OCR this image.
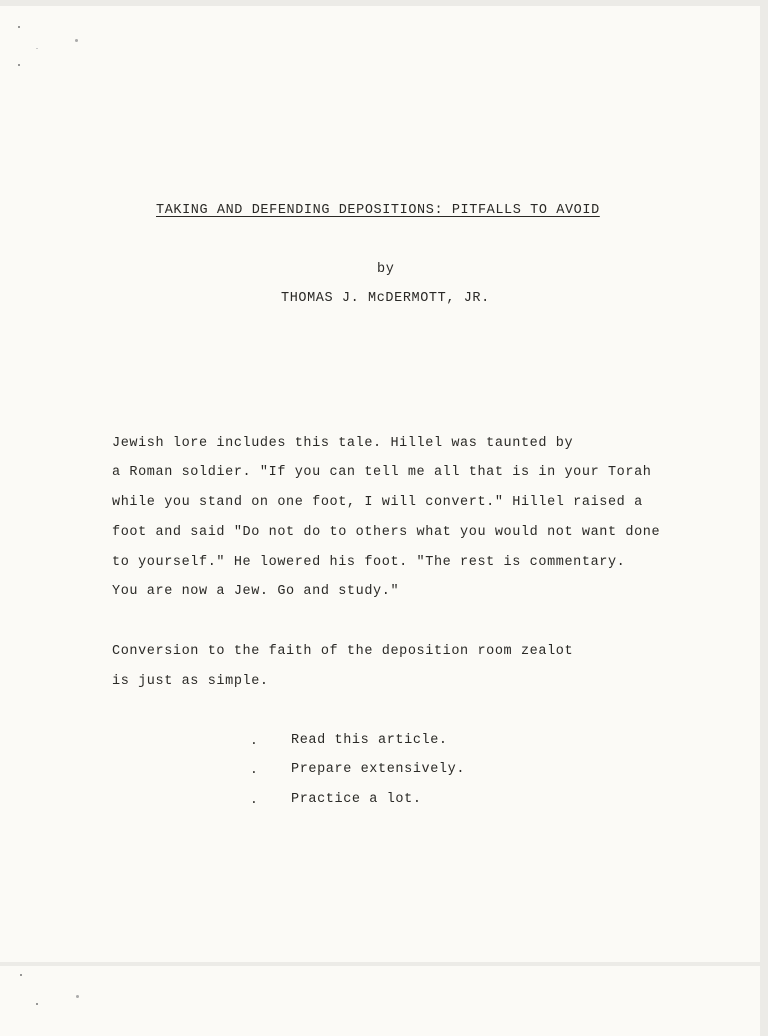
TAKING AND DEFENDING DEPOSITIONS: PITFALLS TO AVOID
by
THOMAS J. McDERMOTT, JR.
Jewish lore includes this tale. Hillel was taunted by
a Roman soldier. "If you can tell me all that is in your Torah
while you stand on one foot, I will convert." Hillel raised a
foot and said "Do not do to others what you would not want done
to yourself." He lowered his foot. "The rest is commentary.
You are now a Jew. Go and study."
Conversion to the faith of the deposition room zealot
is just as simple.
. Read this article.
. Prepare extensively.
. Practice a lot.
